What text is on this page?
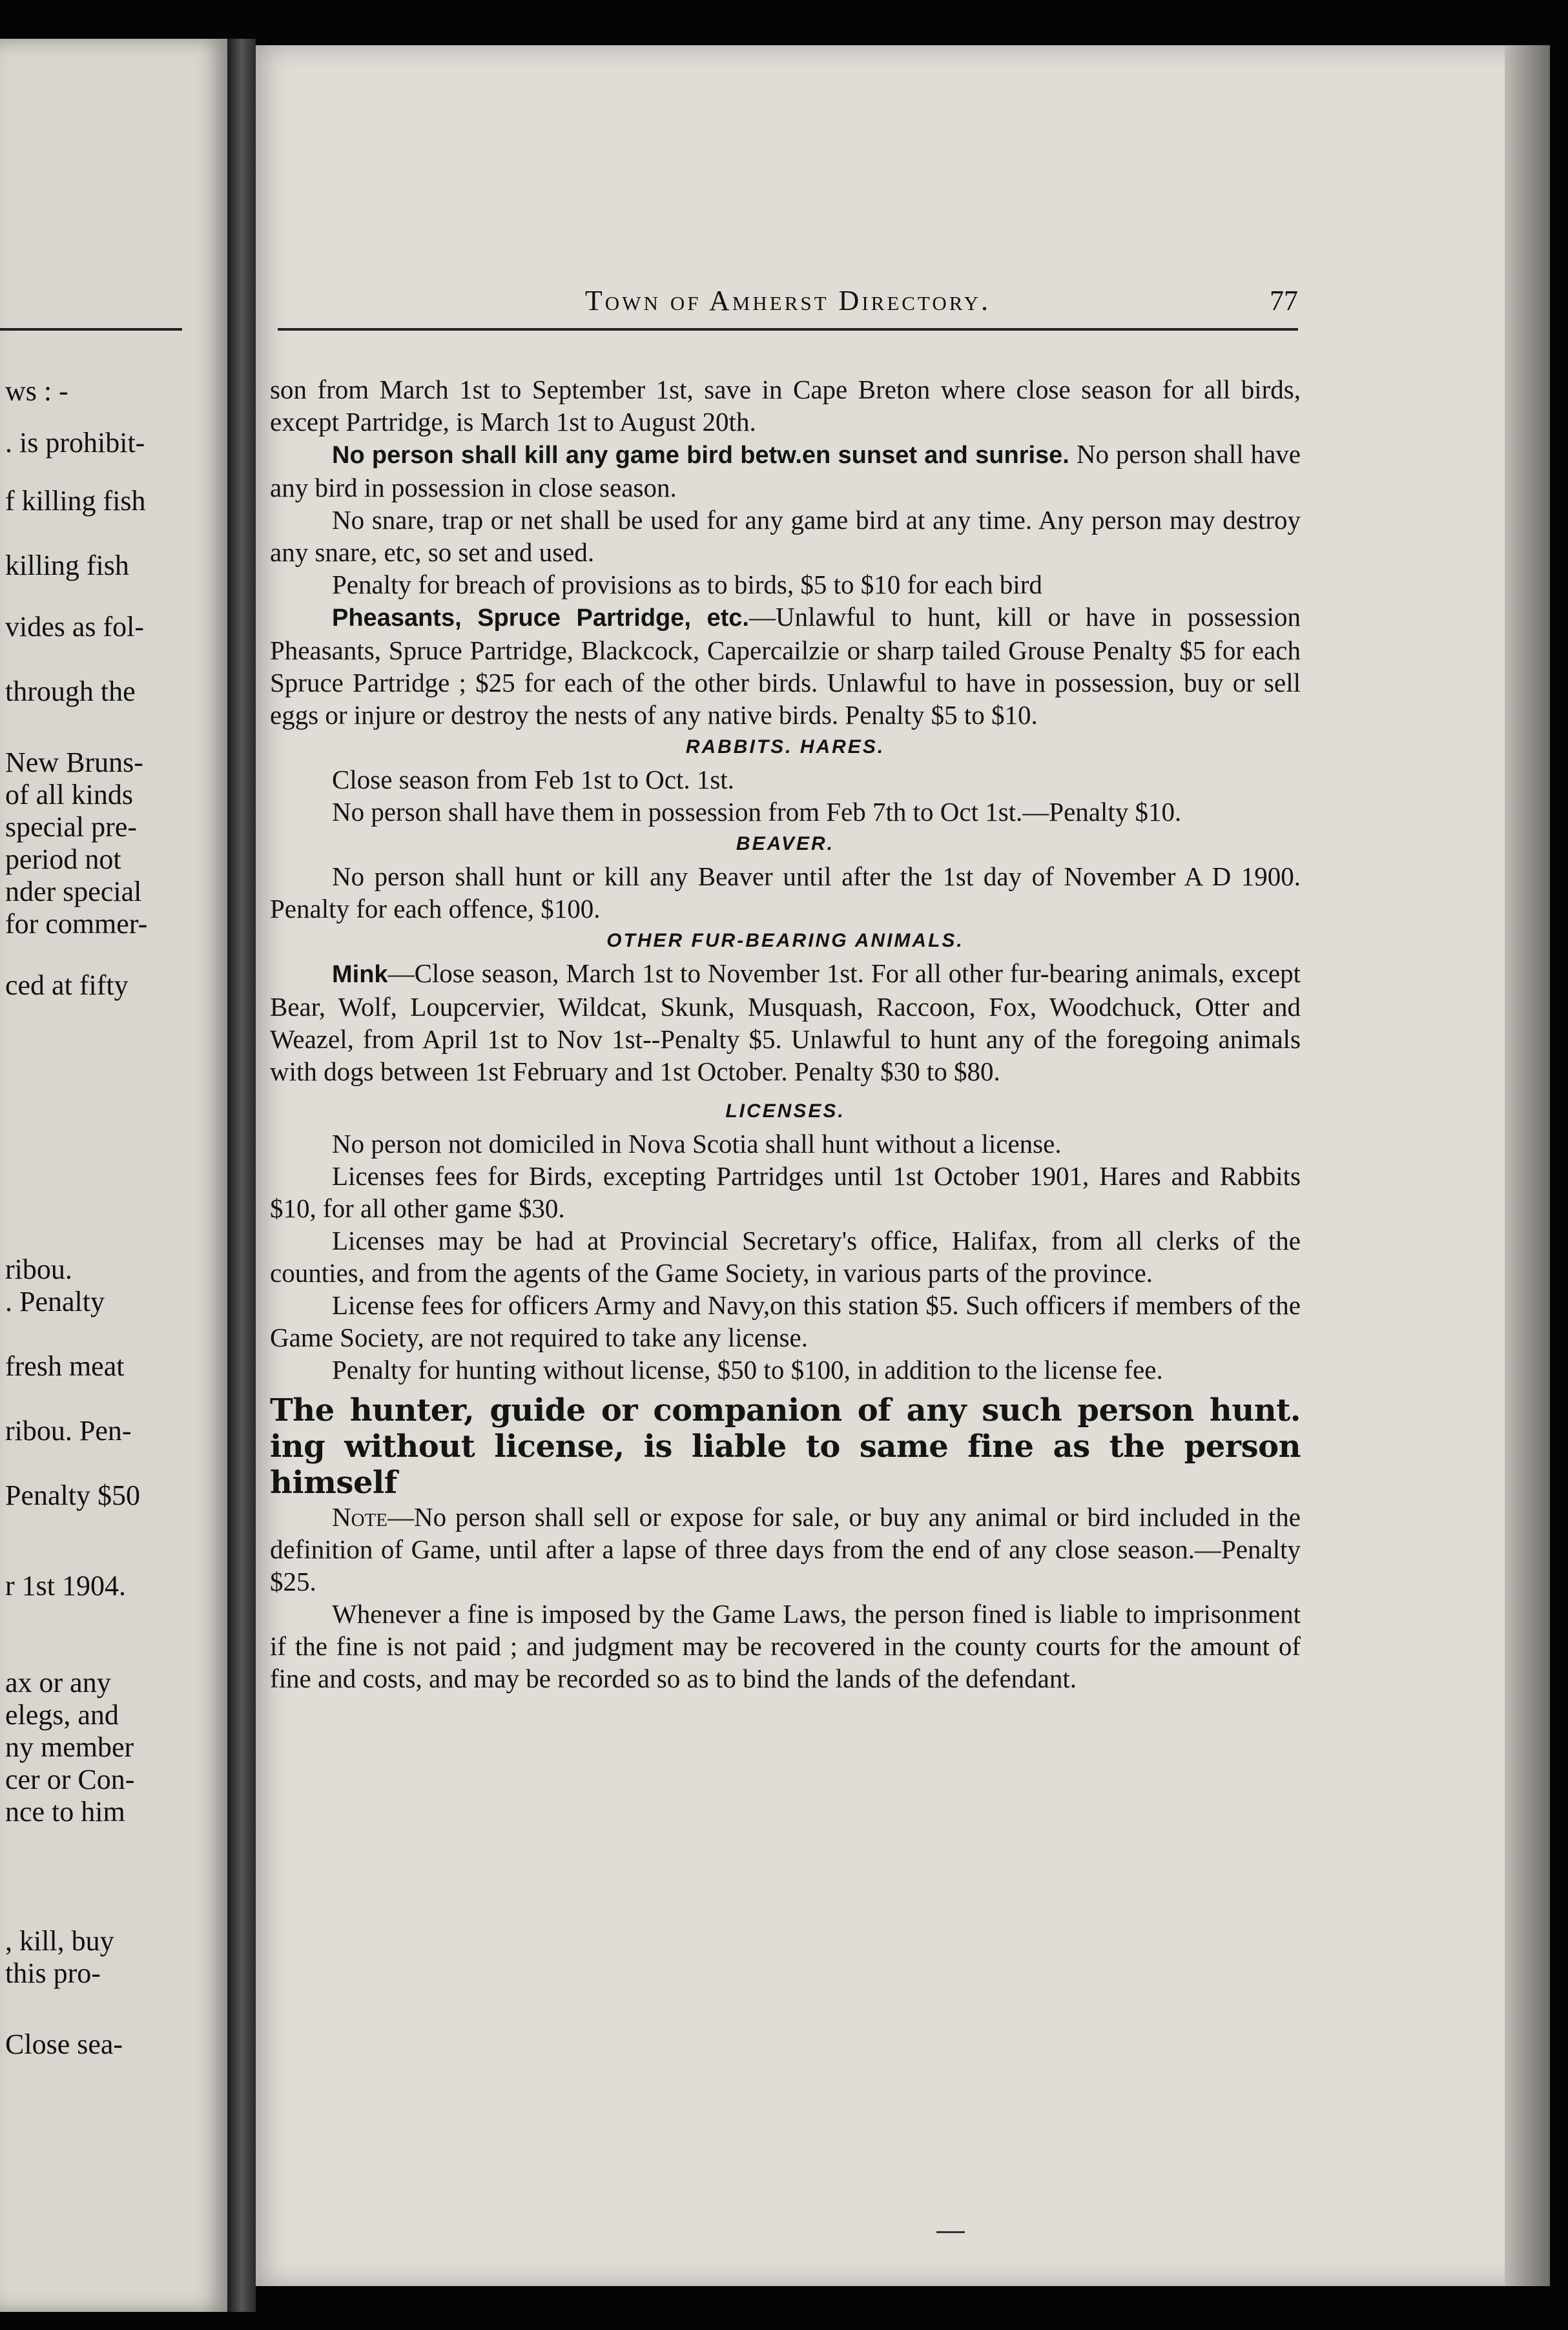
ws : -
. is prohibit-
f killing fish
killing fish
vides as fol-
through the
New Bruns-
of all kinds
special pre-
period not
nder special
for commer-
ced at fifty
ribou.
. Penalty
fresh meat
ribou. Pen-
Penalty $50
r 1st 1904.
ax or any
elegs, and
ny member
cer or Con-
nce to him
, kill, buy
this pro-
Close sea-
Town of Amherst Directory.	77

son from March 1st to September 1st, save in Cape Breton where close season for all birds, except Partridge, is March 1st to August 20th.

No person shall kill any game bird betw.en sunset and sunrise. No person shall have any bird in possession in close season.

No snare, trap or net shall be used for any game bird at any time. Any person may destroy any snare, etc, so set and used.

Penalty for breach of provisions as to birds, $5 to $10 for each bird

Pheasants, Spruce Partridge, etc.—Unlawful to hunt, kill or have in possession Pheasants, Spruce Partridge, Blackcock, Capercailzie or sharp tailed Grouse Penalty $5 for each Spruce Partridge ; $25 for each of the other birds. Unlawful to have in possession, buy or sell eggs or injure or destroy the nests of any native birds. Penalty $5 to $10.

RABBITS. HARES.

Close season from Feb 1st to Oct. 1st.

No person shall have them in possession from Feb 7th to Oct 1st.—Penalty $10.

BEAVER.

No person shall hunt or kill any Beaver until after the 1st day of November A D 1900. Penalty for each offence, $100.

OTHER FUR-BEARING ANIMALS.

Mink—Close season, March 1st to November 1st. For all other fur-bearing animals, except Bear, Wolf, Loupcervier, Wildcat, Skunk, Musquash, Raccoon, Fox, Woodchuck, Otter and Weazel, from April 1st to Nov 1st--Penalty $5. Unlawful to hunt any of the foregoing animals with dogs between 1st February and 1st October. Penalty $30 to $80.

LICENSES.

No person not domiciled in Nova Scotia shall hunt without a license.

Licenses fees for Birds, excepting Partridges until 1st October 1901, Hares and Rabbits $10, for all other game $30.

Licenses may be had at Provincial Secretary's office, Halifax, from all clerks of the counties, and from the agents of the Game Society, in various parts of the province.

License fees for officers Army and Navy,on this station $5. Such officers if members of the Game Society, are not required to take any license.

Penalty for hunting without license, $50 to $100, in addition to the license fee.

The hunter, guide or companion of any such person hunt. ing without license, is liable to same fine as the person himself

Note—No person shall sell or expose for sale, or buy any animal or bird included in the definition of Game, until after a lapse of three days from the end of any close season.—Penalty $25.

Whenever a fine is imposed by the Game Laws, the person fined is liable to imprisonment if the fine is not paid ; and judgment may be recovered in the county courts for the amount of fine and costs, and may be recorded so as to bind the lands of the defendant.
